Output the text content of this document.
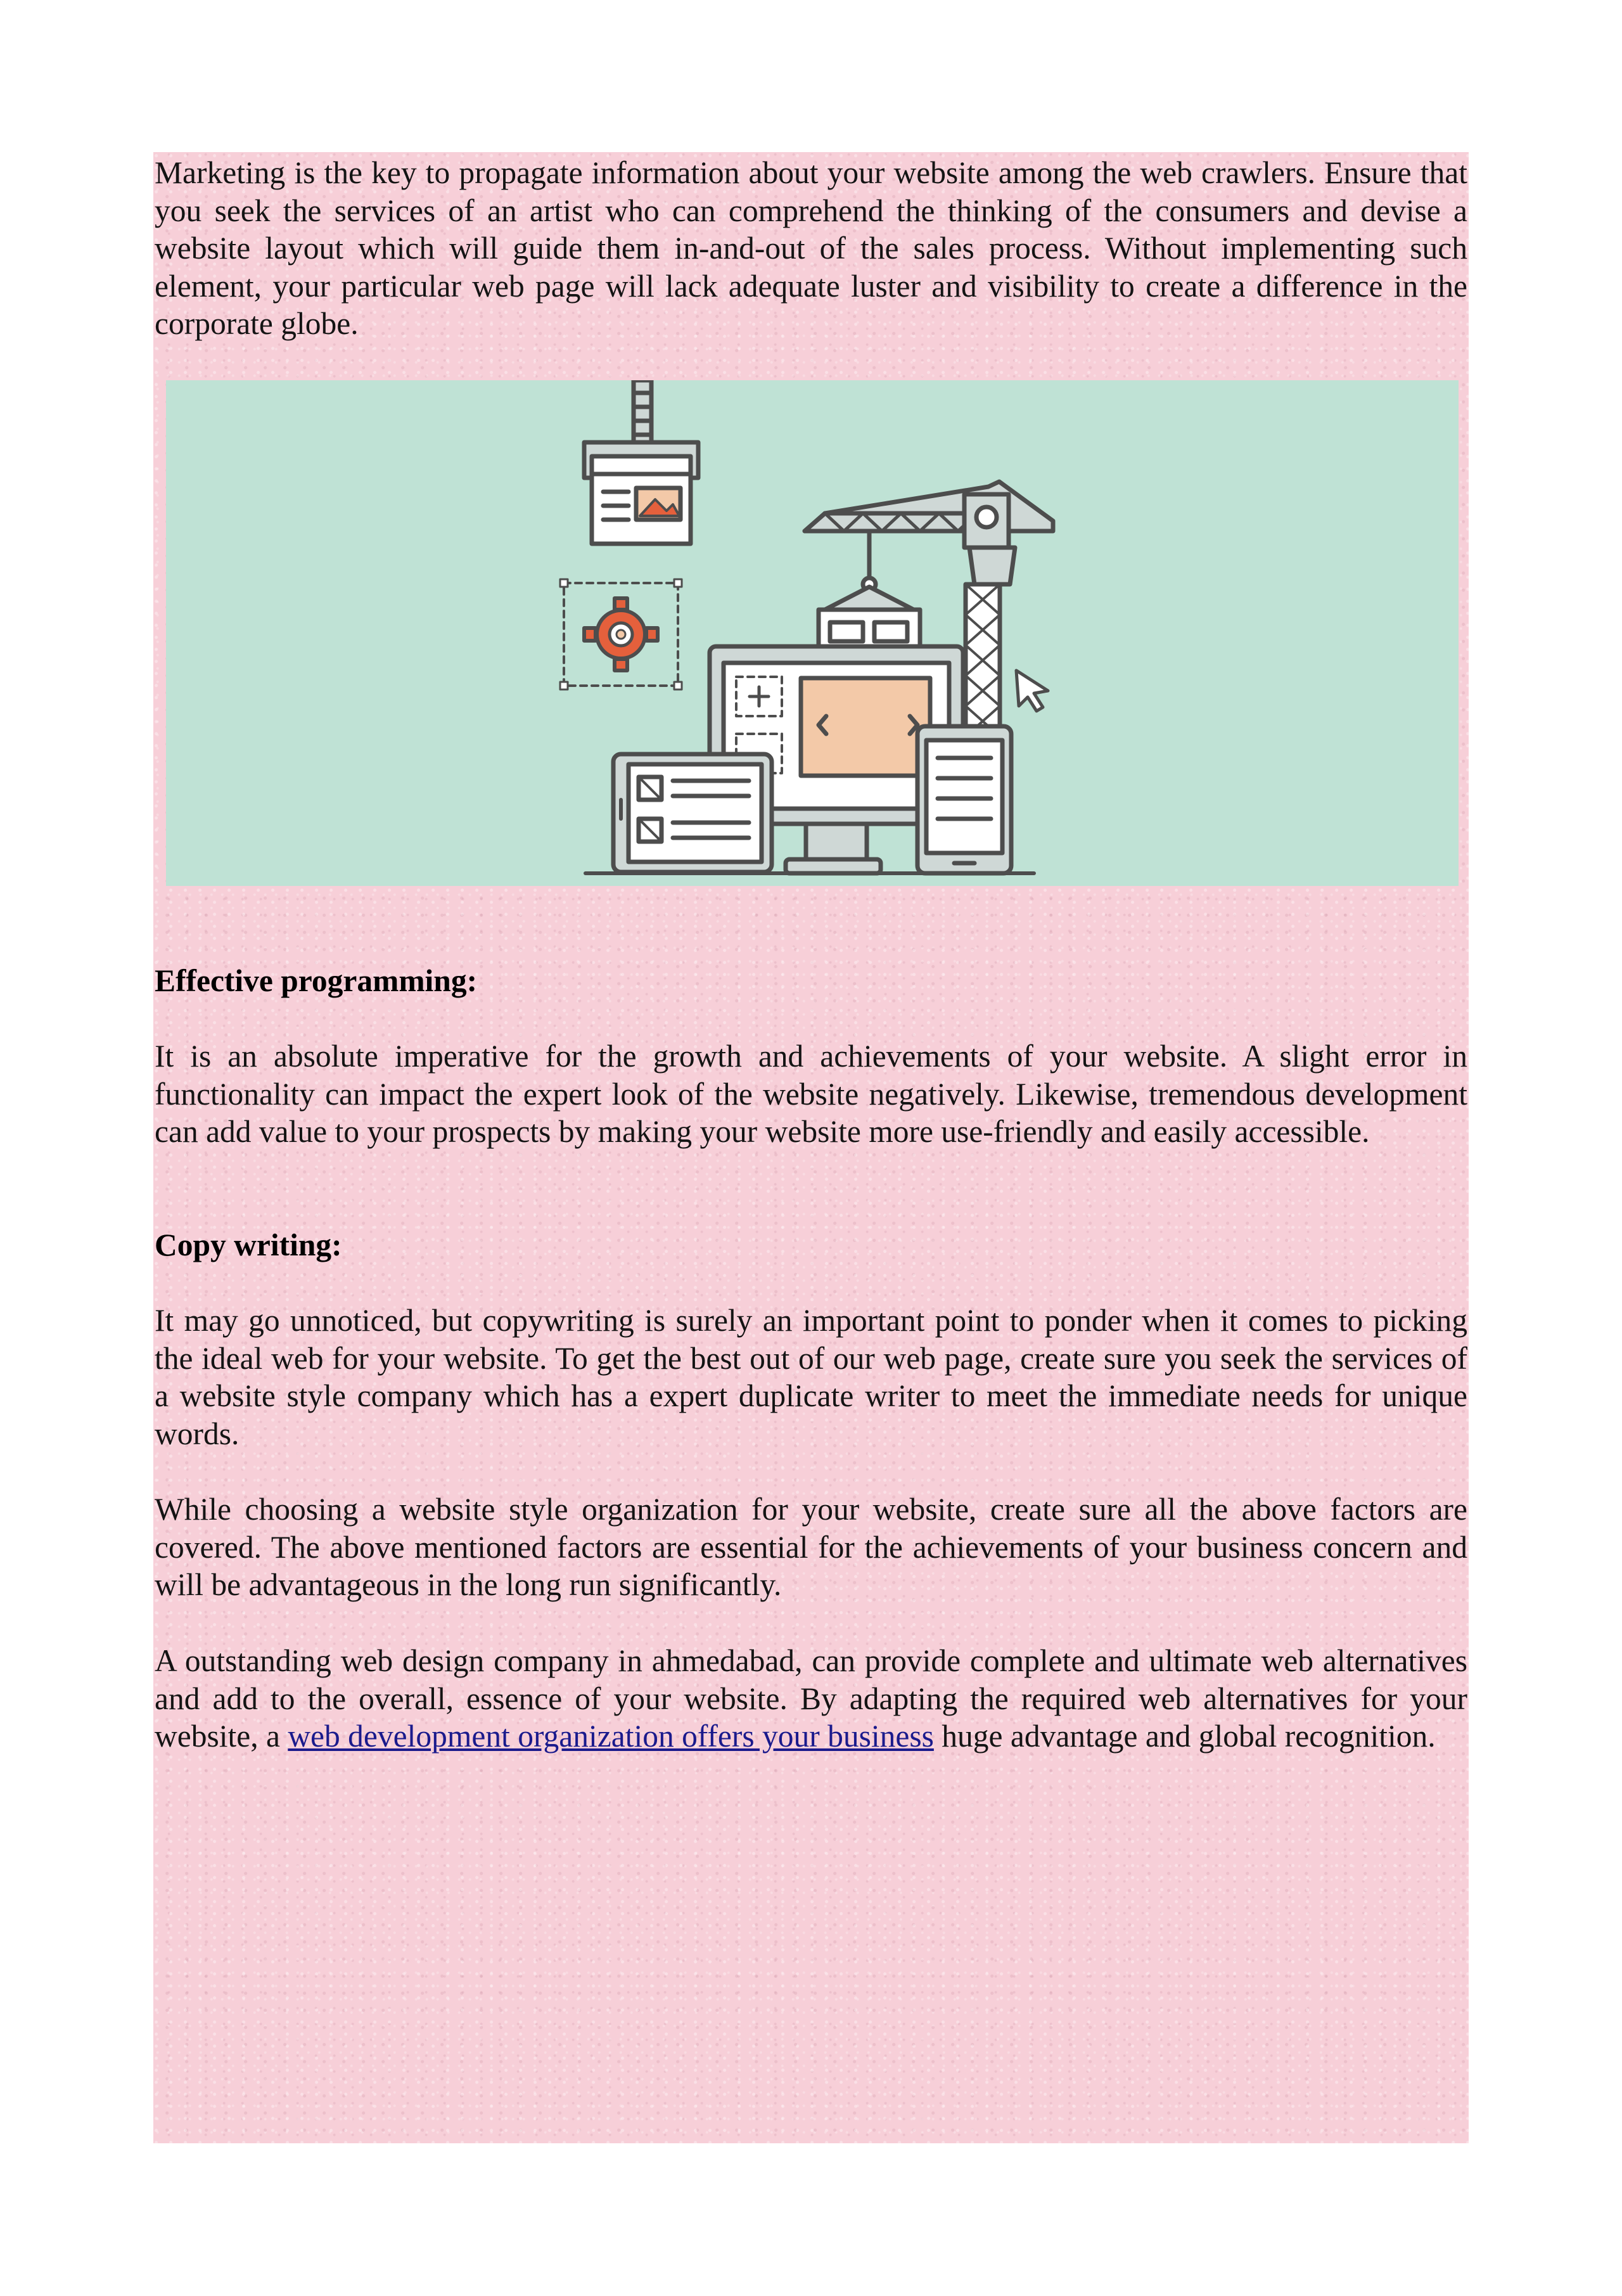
Marketing is the key to propagate information about your website among the web crawlers. Ensure that you seek the services of an artist who can comprehend the thinking of the consumers and devise a website layout which will guide them in-and-out of the sales process. Without implementing such element, your particular web page will lack adequate luster and visibility to create a difference in the corporate globe.

Effective programming:

It is an absolute imperative for the growth and achievements of your website. A slight error in functionality can impact the expert look of the website negatively. Likewise, tremendous development can add value to your prospects by making your website more use-friendly and easily accessible.

Copy writing:

It may go unnoticed, but copywriting is surely an important point to ponder when it comes to picking the ideal web for your website. To get the best out of our web page, create sure you seek the services of a website style company which has a expert duplicate writer to meet the immediate needs for unique words.

While choosing a website style organization for your website, create sure all the above factors are covered. The above mentioned factors are essential for the achievements of your business concern and will be advantageous in the long run significantly.

A outstanding web design company in ahmedabad, can provide complete and ultimate web alternatives and add to the overall, essence of your website. By adapting the required web alternatives for your website, a web development organization offers your business huge advantage and global recognition.
